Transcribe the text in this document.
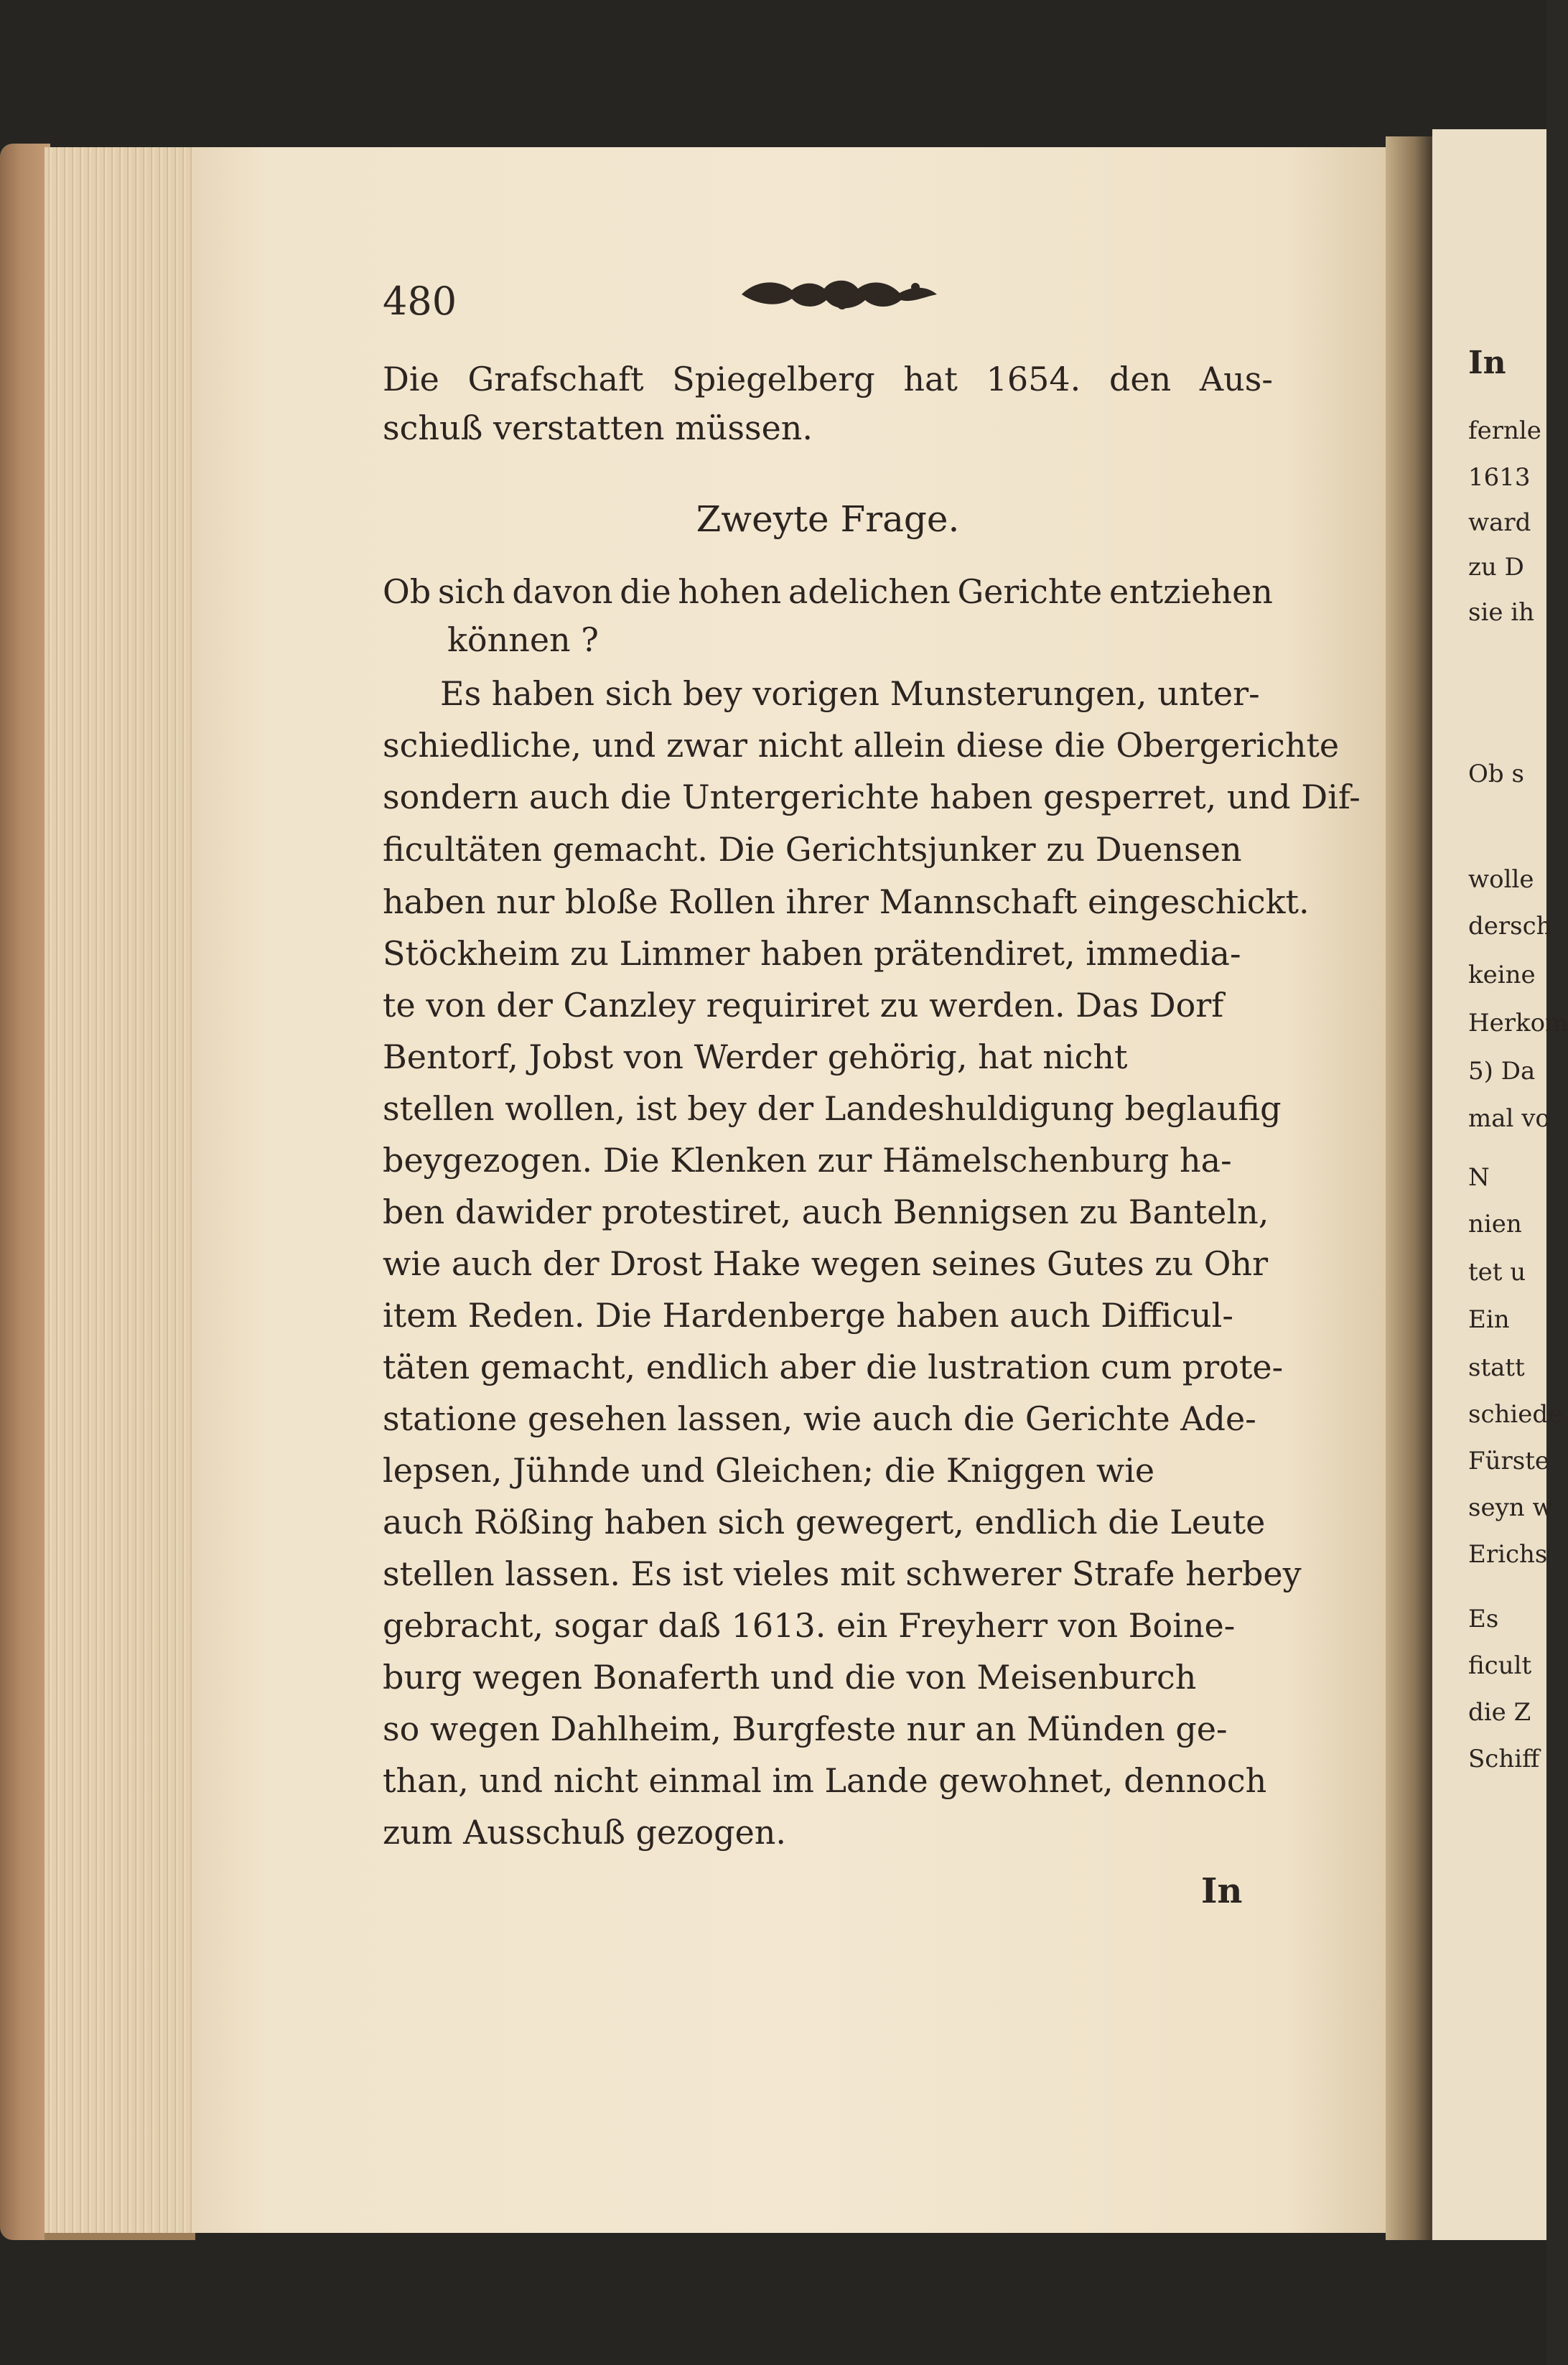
In
fernle
1613
ward
zu D
sie ih
Ob s
wolle
dersch
keine
Herkom
5) Da
mal vo
N
nien
tet u
Ein
statt
schiede
Fürste
seyn w
Erichs
Es
ficult
die Z
Schiff
480
Die Grafschaft Spiegelberg hat 1654. den Aus-
schuß verstatten müssen.
Zweyte Frage.
Ob sich davon die hohen adelichen Gerichte entziehen
können ?
Es haben sich bey vorigen Munsterungen, unter-
schiedliche, und zwar nicht allein diese die Obergerichte
sondern auch die Untergerichte haben gesperret, und Dif-
ficultäten gemacht. Die Gerichtsjunker zu Duensen
haben nur bloße Rollen ihrer Mannschaft eingeschickt.
Stöckheim zu Limmer haben prätendiret, immedia-
te von der Canzley requiriret zu werden. Das Dorf
Bentorf, Jobst von Werder gehörig, hat nicht
stellen wollen, ist bey der Landeshuldigung beglaufig
beygezogen. Die Klenken zur Hämelschenburg ha-
ben dawider protestiret, auch Bennigsen zu Banteln,
wie auch der Drost Hake wegen seines Gutes zu Ohr
item Reden. Die Hardenberge haben auch Difficul-
täten gemacht, endlich aber die lustration cum prote-
statione gesehen lassen, wie auch die Gerichte Ade-
lepsen, Jühnde und Gleichen; die Kniggen wie
auch Rößing haben sich gewegert, endlich die Leute
stellen lassen. Es ist vieles mit schwerer Strafe herbey
gebracht, sogar daß 1613. ein Freyherr von Boine-
burg wegen Bonaferth und die von Meisenburch
so wegen Dahlheim, Burgfeste nur an Münden ge-
than, und nicht einmal im Lande gewohnet, dennoch
zum Ausschuß gezogen.
In
